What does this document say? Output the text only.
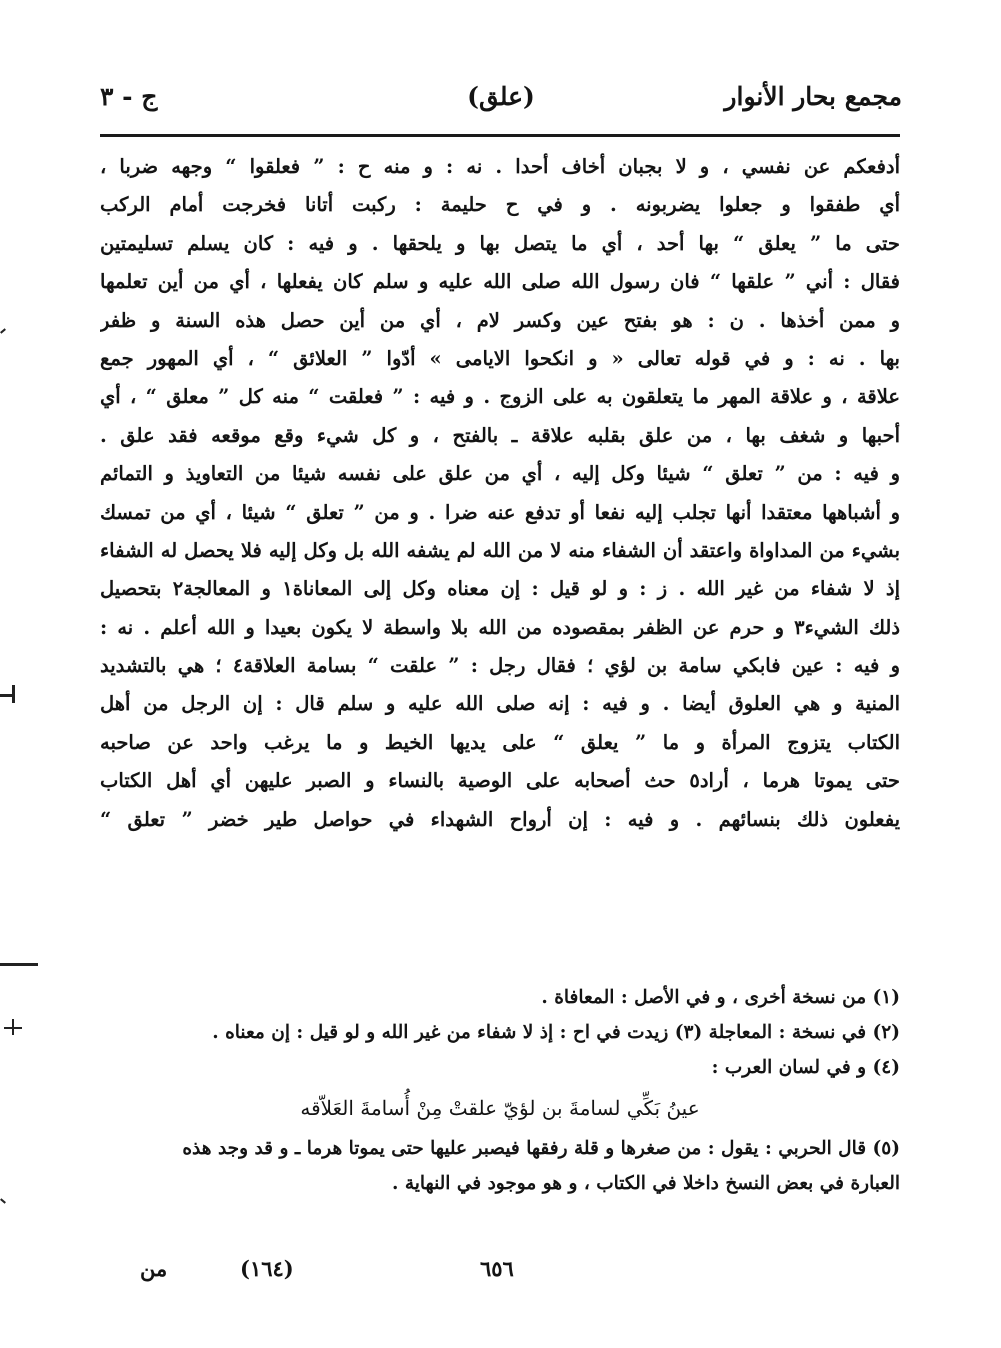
مجمع بحار الأنوار
(علق)
ج - ٣
أدفعكم عن نفسي ، و لا بجبان أخاف أحدا . نه : و منه ح : ” فعلقوا “ وجهه ضربا ،
أي طفقوا و جعلوا يضربونه . و في ح حليمة : ركبت أتانا فخرجت أمام الركب
حتى ما ” يعلق “ بها أحد ، أي ما يتصل بها و يلحقها . و فيه : كان يسلم تسليمتين
فقال : أني ” علقها “ فان رسول الله صلى الله عليه و سلم كان يفعلها ، أي من أين تعلمها
و ممن أخذها . ن : هو بفتح عين وكسر لام ، أي من أين حصل هذه السنة و ظفر
بها . نه : و في قوله تعالى « و انكحوا الايامى » أدّوا ” العلائق “ ، أي المهور جمع
علاقة ، و علاقة المهر ما يتعلقون به على الزوج . و فيه : ” فعلقت “ منه كل ” معلق “ ، أي
أحبها و شغف بها ، من علق بقلبه علاقة ـ بالفتح ، و كل شيء وقع موقعه فقد علق .
و فيه : من ” تعلق “ شيئا وكل إليه ، أي من علق على نفسه شيئا من التعاويذ و التمائم
و أشباهها معتقدا أنها تجلب إليه نفعا أو تدفع عنه ضرا . و من ” تعلق “ شيئا ، أي من تمسك
بشيء من المداواة واعتقد أن الشفاء منه لا من الله لم يشفه الله بل وكل إليه فلا يحصل له الشفاء
إذ لا شفاء من غير الله . ز : و لو قيل : إن معناه وكل إلى المعاناة١ و المعالجة٢ بتحصيل
ذلك الشيء٣ و حرم عن الظفر بمقصوده من الله بلا واسطة لا يكون بعيدا و الله أعلم . نه :
و فيه : عين فابكي سامة بن لؤي ؛ فقال رجل : ” علقت “ بسامة العلاقة٤ ؛ هي بالتشديد
المنية و هي العلوق أيضا . و فيه : إنه صلى الله عليه و سلم قال : إن الرجل من أهل
الكتاب يتزوج المرأة و ما ” يعلق “ على يديها الخيط و ما يرغب واحد عن صاحبه
حتى يموتا هرما ، أراد٥ حث أصحابه على الوصية بالنساء و الصبر عليهن أي أهل الكتاب
يفعلون ذلك بنسائهم . و فيه : إن أرواح الشهداء في حواصل طير خضر ” تعلق “
(١) من نسخة أخرى ، و في الأصل : المعافاة .
(٢) في نسخة : المعاجلة (٣) زيدت في اح : إذ لا شفاء من غير الله و لو قيل : إن معناه .
(٤) و في لسان العرب :
عينُ بَكِّي لسامةَ بن لؤيّ علقتْ مِنْ أُسامةَ العَلاّقه
(٥) قال الحربي : يقول : من صغرها و قلة رفقها فيصبر عليها حتى يموتا هرما ـ و قد وجد هذه
العبارة في بعض النسخ داخلا في الكتاب ، و هو موجود في النهاية .
٦٥٦
(١٦٤)
من
